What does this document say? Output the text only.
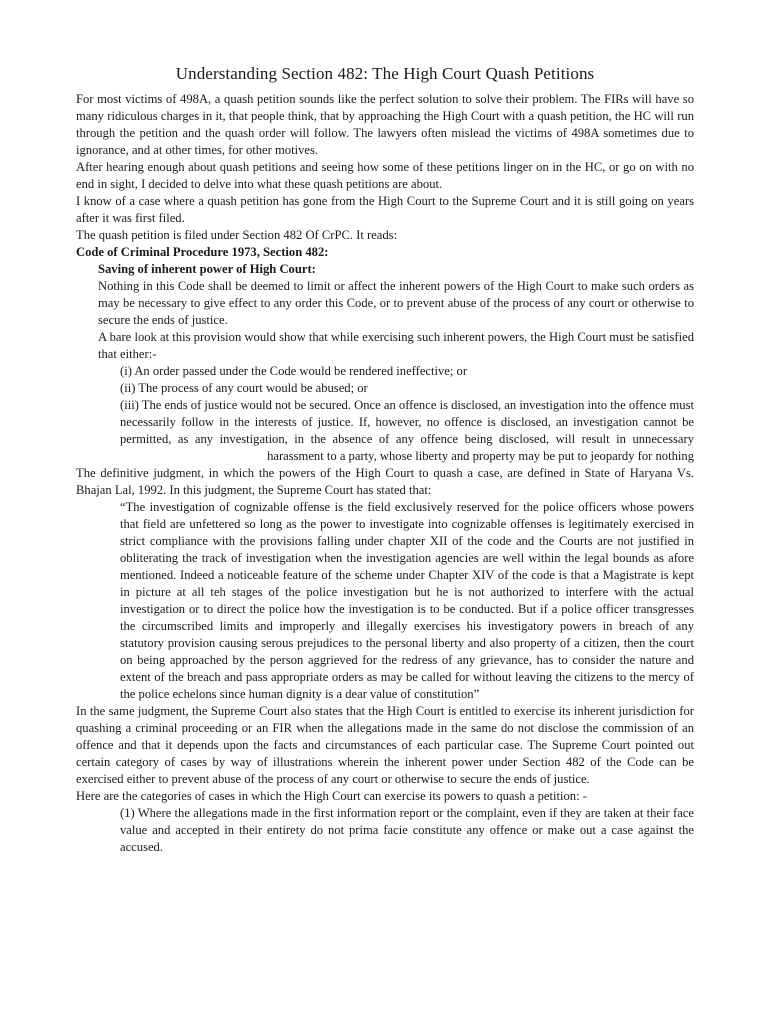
Understanding Section 482: The High Court Quash Petitions

For most victims of 498A, a quash petition sounds like the perfect solution to solve their problem. The FIRs will have so many ridiculous charges in it, that people think, that by approaching the High Court with a quash petition, the HC will run through the petition and the quash order will follow. The lawyers often mislead the victims of 498A sometimes due to ignorance, and at other times, for other motives.

After hearing enough about quash petitions and seeing how some of these petitions linger on in the HC, or go on with no end in sight, I decided to delve into what these quash petitions are about.

I know of a case where a quash petition has gone from the High Court to the Supreme Court and it is still going on years after it was first filed.

The quash petition is filed under Section 482 Of CrPC. It reads:

Code of Criminal Procedure 1973, Section 482:

Saving of inherent power of High Court:

Nothing in this Code shall be deemed to limit or affect the inherent powers of the High Court to make such orders as may be necessary to give effect to any order this Code, or to prevent abuse of the process of any court or otherwise to secure the ends of justice.

A bare look at this provision would show that while exercising such inherent powers, the High Court must be satisfied that either:-

(i) An order passed under the Code would be rendered ineffective; or

(ii) The process of any court would be abused; or

(iii) The ends of justice would not be secured. Once an offence is disclosed, an investigation into the offence must necessarily follow in the interests of justice. If, however, no offence is disclosed, an investigation cannot be permitted, as any investigation, in the absence of any offence being disclosed, will result in unnecessary harassment to a party, whose liberty and property may be put to jeopardy for nothing

The definitive judgment, in which the powers of the High Court to quash a case, are defined in State of Haryana Vs. Bhajan Lal, 1992. In this judgment, the Supreme Court has stated that:

“The investigation of cognizable offense is the field exclusively reserved for the police officers whose powers that field are unfettered so long as the power to investigate into cognizable offenses is legitimately exercised in strict compliance with the provisions falling under chapter XII of the code and the Courts are not justified in obliterating the track of investigation when the investigation agencies are well within the legal bounds as afore mentioned. Indeed a noticeable feature of the scheme under Chapter XIV of the code is that a Magistrate is kept in picture at all teh stages of the police investigation but he is not authorized to interfere with the actual investigation or to direct the police how the investigation is to be conducted. But if a police officer transgresses the circumscribed limits and improperly and illegally exercises his investigatory powers in breach of any statutory provision causing serous prejudices to the personal liberty and also property of a citizen, then the court on being approached by the person aggrieved for the redress of any grievance, has to consider the nature and extent of the breach and pass appropriate orders as may be called for without leaving the citizens to the mercy of the police echelons since human dignity is a dear value of constitution”

In the same judgment, the Supreme Court also states that the High Court is entitled to exercise its inherent jurisdiction for quashing a criminal proceeding or an FIR when the allegations made in the same do not disclose the commission of an offence and that it depends upon the facts and circumstances of each particular case. The Supreme Court pointed out certain category of cases by way of illustrations wherein the inherent power under Section 482 of the Code can be exercised either to prevent abuse of the process of any court or otherwise to secure the ends of justice.

Here are the categories of cases in which the High Court can exercise its powers to quash a petition: -

(1) Where the allegations made in the first information report or the complaint, even if they are taken at their face value and accepted in their entirety do not prima facie constitute any offence or make out a case against the accused.
